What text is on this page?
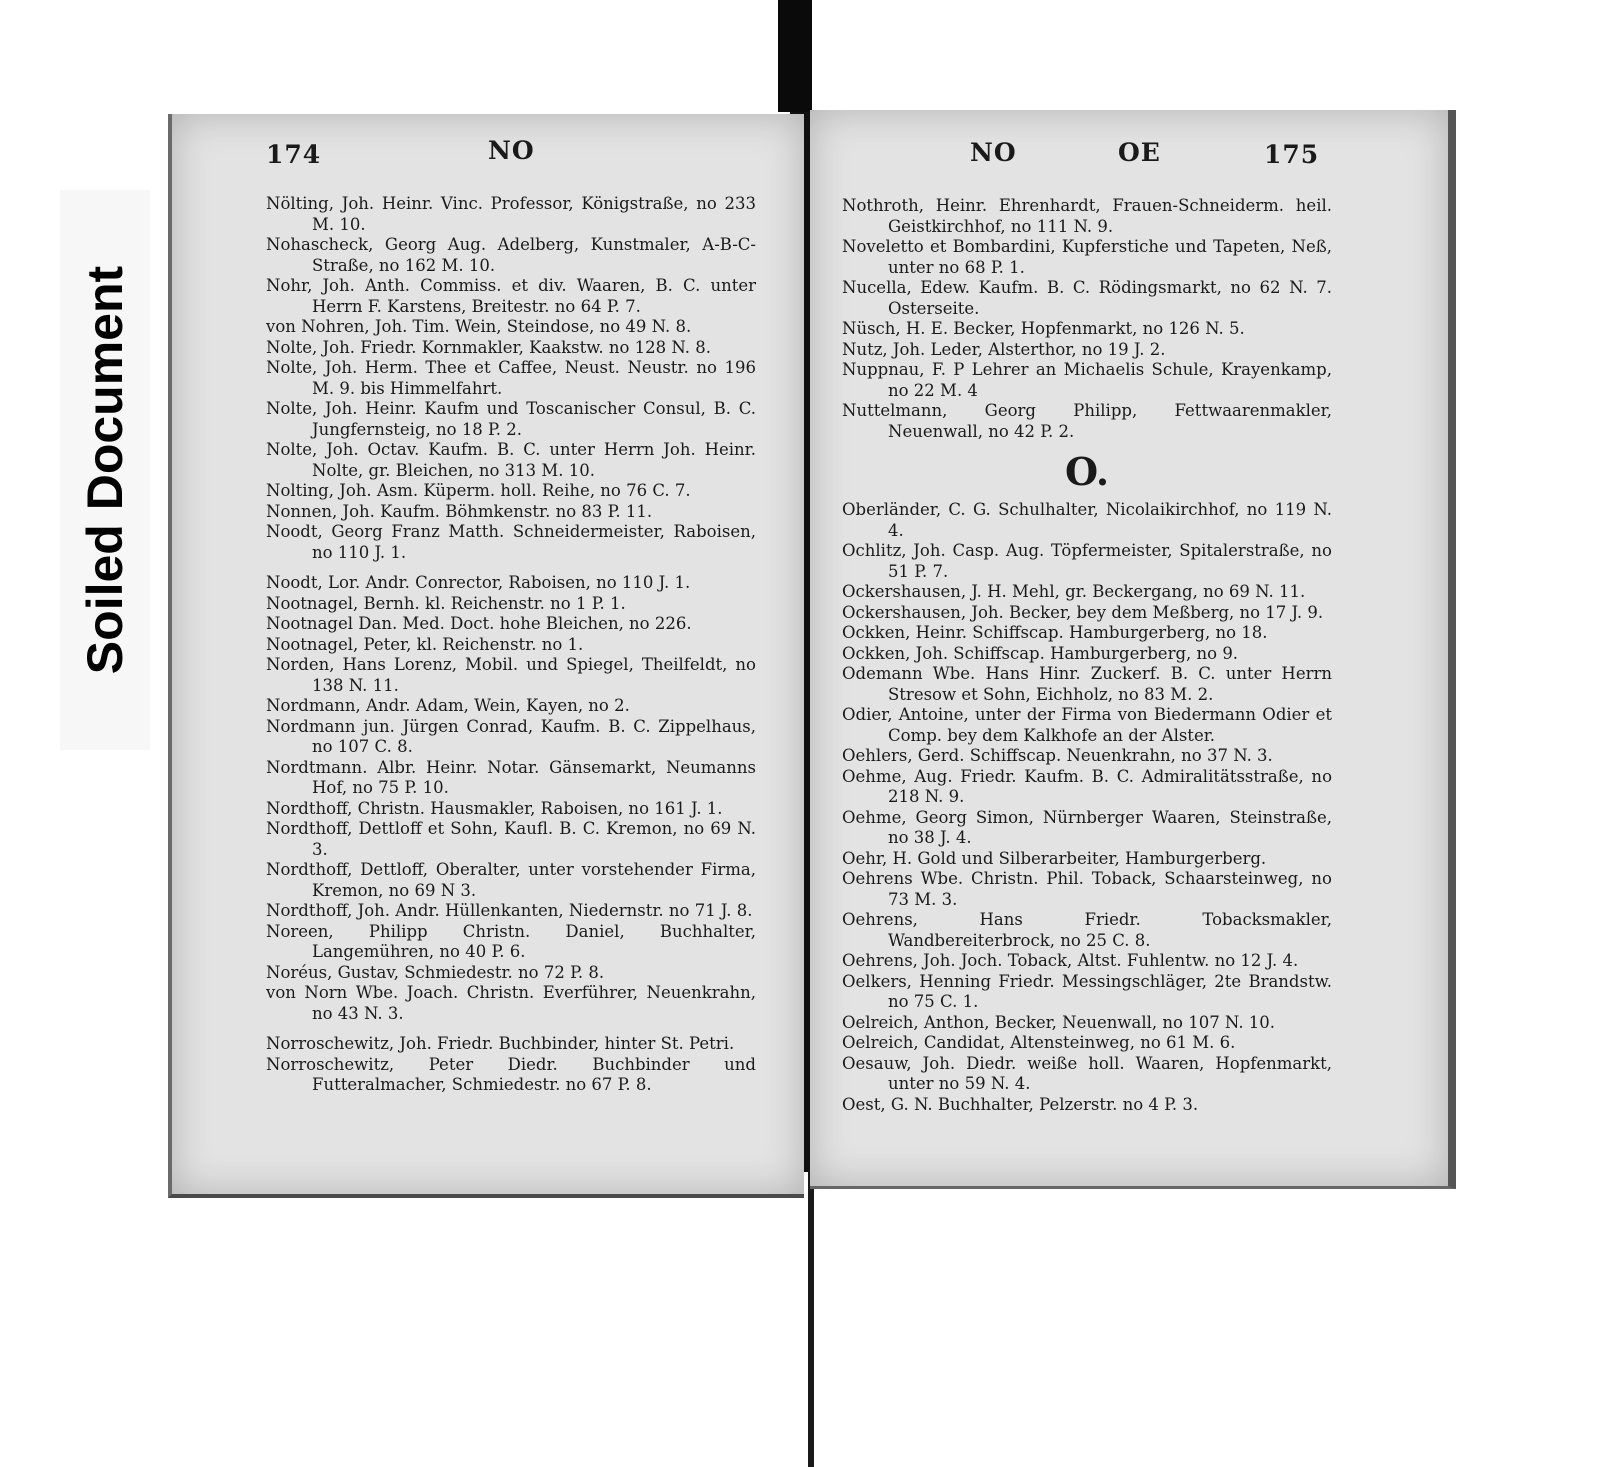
Soiled Document
174	NO

Nölting, Joh. Heinr. Vinc. Professor, Königstraße, no 233 M. 10.

Nohascheck, Georg Aug. Adelberg, Kunstmaler, A-B-C-Straße, no 162 M. 10.

Nohr, Joh. Anth. Commiss. et div. Waaren, B. C. unter Herrn F. Karstens, Breitestr. no 64 P. 7.

von Nohren, Joh. Tim. Wein, Steindose, no 49 N. 8.

Nolte, Joh. Friedr. Kornmakler, Kaakstw. no 128 N. 8.

Nolte, Joh. Herm. Thee et Caffee, Neust. Neustr. no 196 M. 9. bis Himmelfahrt.

Nolte, Joh. Heinr. Kaufm und Toscanischer Consul, B. C. Jungfernsteig, no 18 P. 2.

Nolte, Joh. Octav. Kaufm. B. C. unter Herrn Joh. Heinr. Nolte, gr. Bleichen, no 313 M. 10.

Nolting, Joh. Asm. Küperm. holl. Reihe, no 76 C. 7.

Nonnen, Joh. Kaufm. Böhmkenstr. no 83 P. 11.

Noodt, Georg Franz Matth. Schneidermeister, Raboisen, no 110 J. 1.

Noodt, Lor. Andr. Conrector, Raboisen, no 110 J. 1.

Nootnagel, Bernh. kl. Reichenstr. no 1 P. 1.

Nootnagel Dan. Med. Doct. hohe Bleichen, no 226.

Nootnagel, Peter, kl. Reichenstr. no 1.

Norden, Hans Lorenz, Mobil. und Spiegel, Theilfeldt, no 138 N. 11.

Nordmann, Andr. Adam, Wein, Kayen, no 2.

Nordmann jun. Jürgen Conrad, Kaufm. B. C. Zippelhaus, no 107 C. 8.

Nordtmann. Albr. Heinr. Notar. Gänsemarkt, Neumanns Hof, no 75 P. 10.

Nordthoff, Christn. Hausmakler, Raboisen, no 161 J. 1.

Nordthoff, Dettloff et Sohn, Kaufl. B. C. Kremon, no 69 N. 3.

Nordthoff, Dettloff, Oberalter, unter vorstehender Firma, Kremon, no 69 N 3.

Nordthoff, Joh. Andr. Hüllenkanten, Niedernstr. no 71 J. 8.

Noreen, Philipp Christn. Daniel, Buchhalter, Langemühren, no 40 P. 6.

Noréus, Gustav, Schmiedestr. no 72 P. 8.

von Norn Wbe. Joach. Christn. Everführer, Neuenkrahn, no 43 N. 3.

Norroschewitz, Joh. Friedr. Buchbinder, hinter St. Petri.

Norroschewitz, Peter Diedr. Buchbinder und Futteralmacher, Schmiedestr. no 67 P. 8.

NO	OE	175

Nothroth, Heinr. Ehrenhardt, Frauen-Schneiderm. heil. Geistkirchhof, no 111 N. 9.

Noveletto et Bombardini, Kupferstiche und Tapeten, Neß, unter no 68 P. 1.

Nucella, Edew. Kaufm. B. C. Rödingsmarkt, no 62 N. 7. Osterseite.

Nüsch, H. E. Becker, Hopfenmarkt, no 126 N. 5.

Nutz, Joh. Leder, Alsterthor, no 19 J. 2.

Nuppnau, F. P Lehrer an Michaelis Schule, Krayenkamp, no 22 M. 4

Nuttelmann, Georg Philipp, Fettwaarenmakler, Neuenwall, no 42 P. 2.

O.

Oberländer, C. G. Schulhalter, Nicolaikirchhof, no 119 N. 4.

Ochlitz, Joh. Casp. Aug. Töpfermeister, Spitalerstraße, no 51 P. 7.

Ockershausen, J. H. Mehl, gr. Beckergang, no 69 N. 11.

Ockershausen, Joh. Becker, bey dem Meßberg, no 17 J. 9.

Ockken, Heinr. Schiffscap. Hamburgerberg, no 18.

Ockken, Joh. Schiffscap. Hamburgerberg, no 9.

Odemann Wbe. Hans Hinr. Zuckerf. B. C. unter Herrn Stresow et Sohn, Eichholz, no 83 M. 2.

Odier, Antoine, unter der Firma von Biedermann Odier et Comp. bey dem Kalkhofe an der Alster.

Oehlers, Gerd. Schiffscap. Neuenkrahn, no 37 N. 3.

Oehme, Aug. Friedr. Kaufm. B. C. Admiralitätsstraße, no 218 N. 9.

Oehme, Georg Simon, Nürnberger Waaren, Steinstraße, no 38 J. 4.

Oehr, H. Gold und Silberarbeiter, Hamburgerberg.

Oehrens Wbe. Christn. Phil. Toback, Schaarsteinweg, no 73 M. 3.

Oehrens, Hans Friedr. Tobacksmakler, Wandbereiterbrock, no 25 C. 8.

Oehrens, Joh. Joch. Toback, Altst. Fuhlentw. no 12 J. 4.

Oelkers, Henning Friedr. Messingschläger, 2te Brandstw. no 75 C. 1.

Oelreich, Anthon, Becker, Neuenwall, no 107 N. 10.

Oelreich, Candidat, Altensteinweg, no 61 M. 6.

Oesauw, Joh. Diedr. weiße holl. Waaren, Hopfenmarkt, unter no 59 N. 4.

Oest, G. N. Buchhalter, Pelzerstr. no 4 P. 3.
